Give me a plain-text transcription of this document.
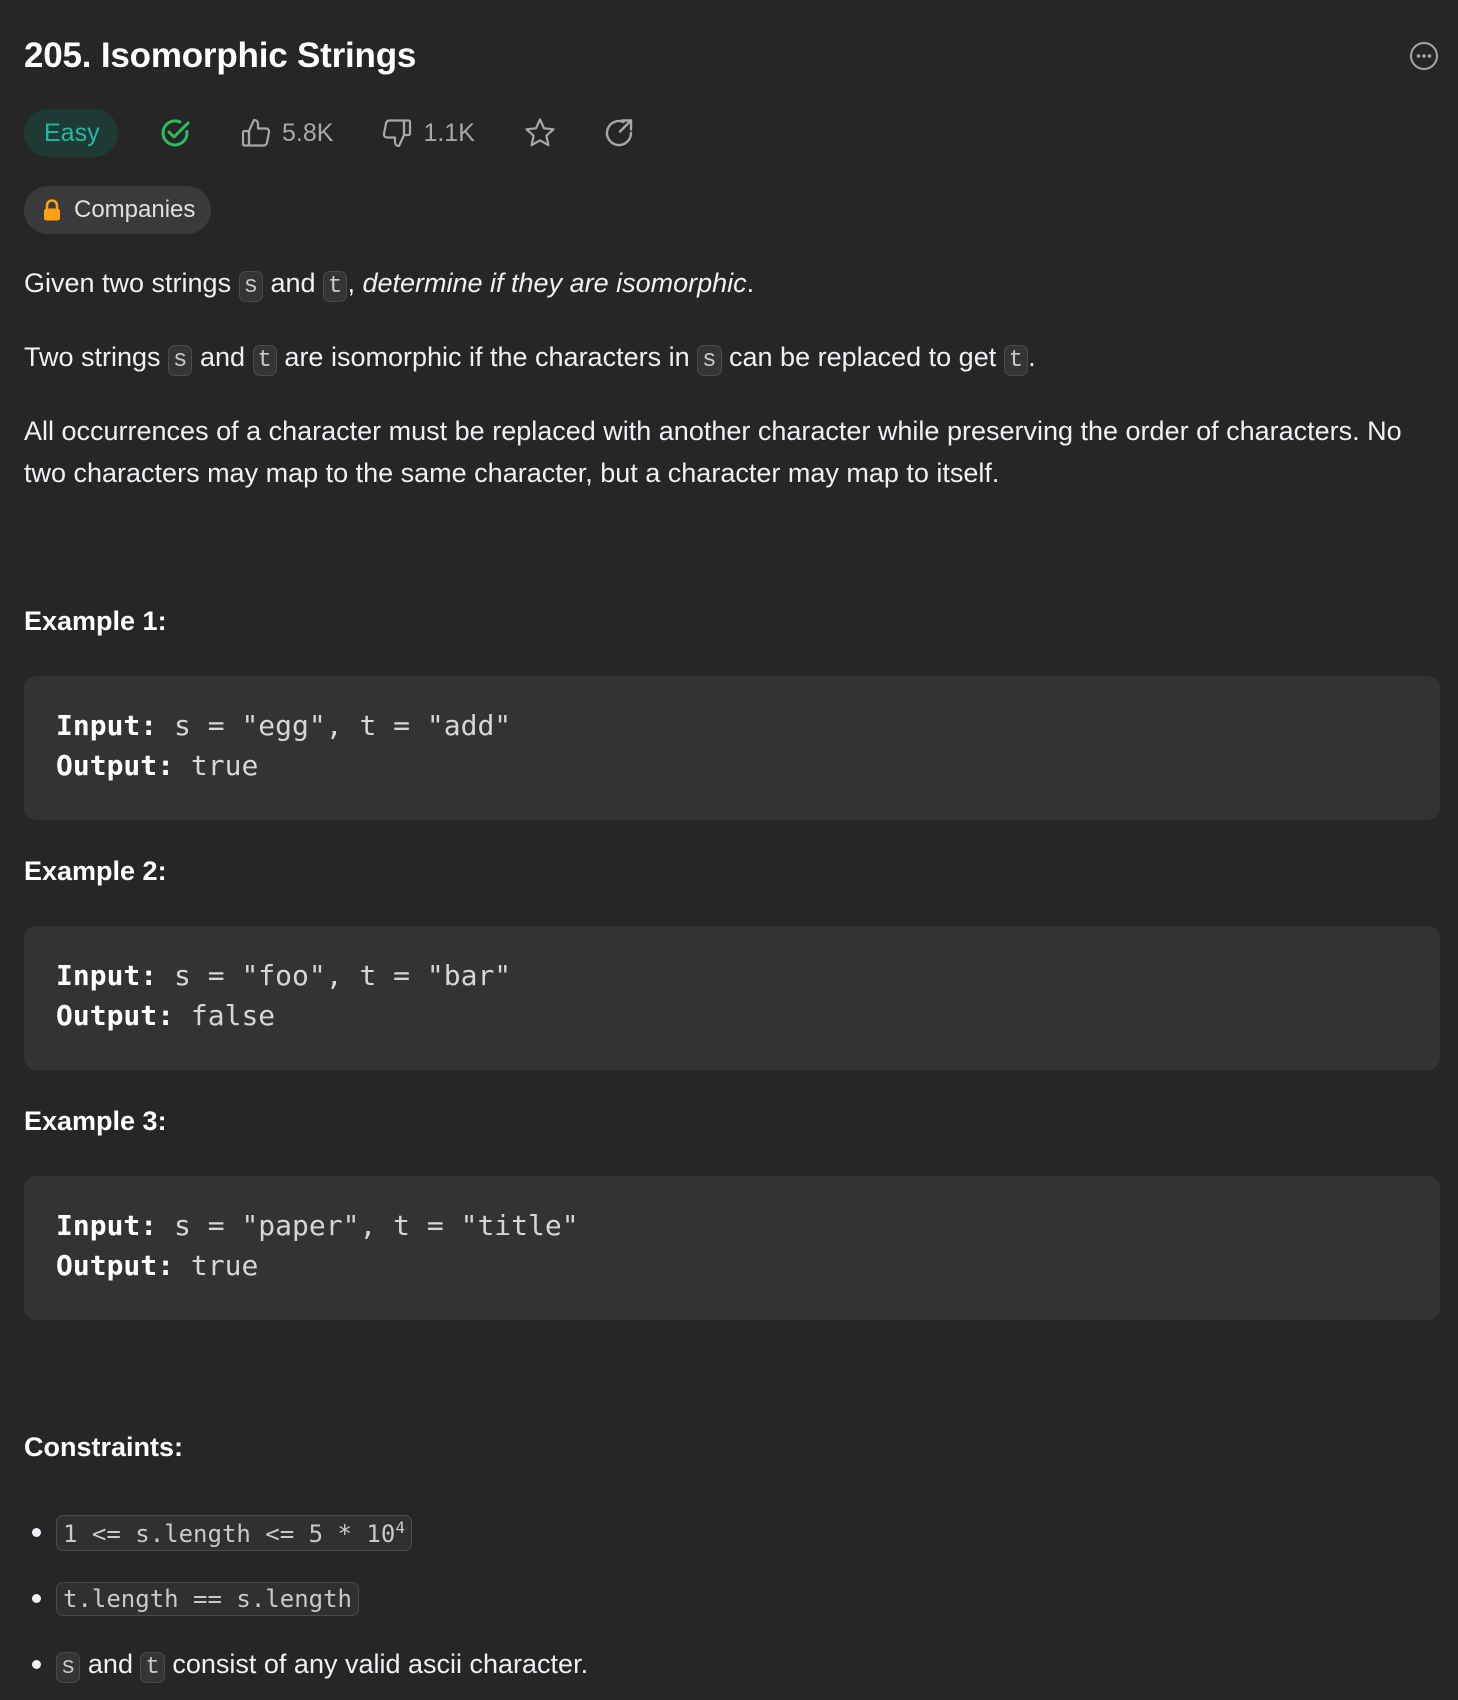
205. Isomorphic Strings
Easy	5.8K	1.1K
Companies

Given two strings s and t , determine if they are isomorphic.

Two strings s and t are isomorphic if the characters in s can be replaced to get t .

All occurrences of a character must be replaced with another character while preserving the order of characters. No two characters may map to the same character, but a character may map to itself.

Example 1:
Input: s = "egg", t = "add"
Output: true
Example 2:
Input: s = "foo", t = "bar"
Output: false
Example 3:
Input: s = "paper", t = "title"
Output: true
Constraints:
1 <= s.length <= $5 * 10^4$
t.length == s.length
s and t consist of any valid ascii character.
